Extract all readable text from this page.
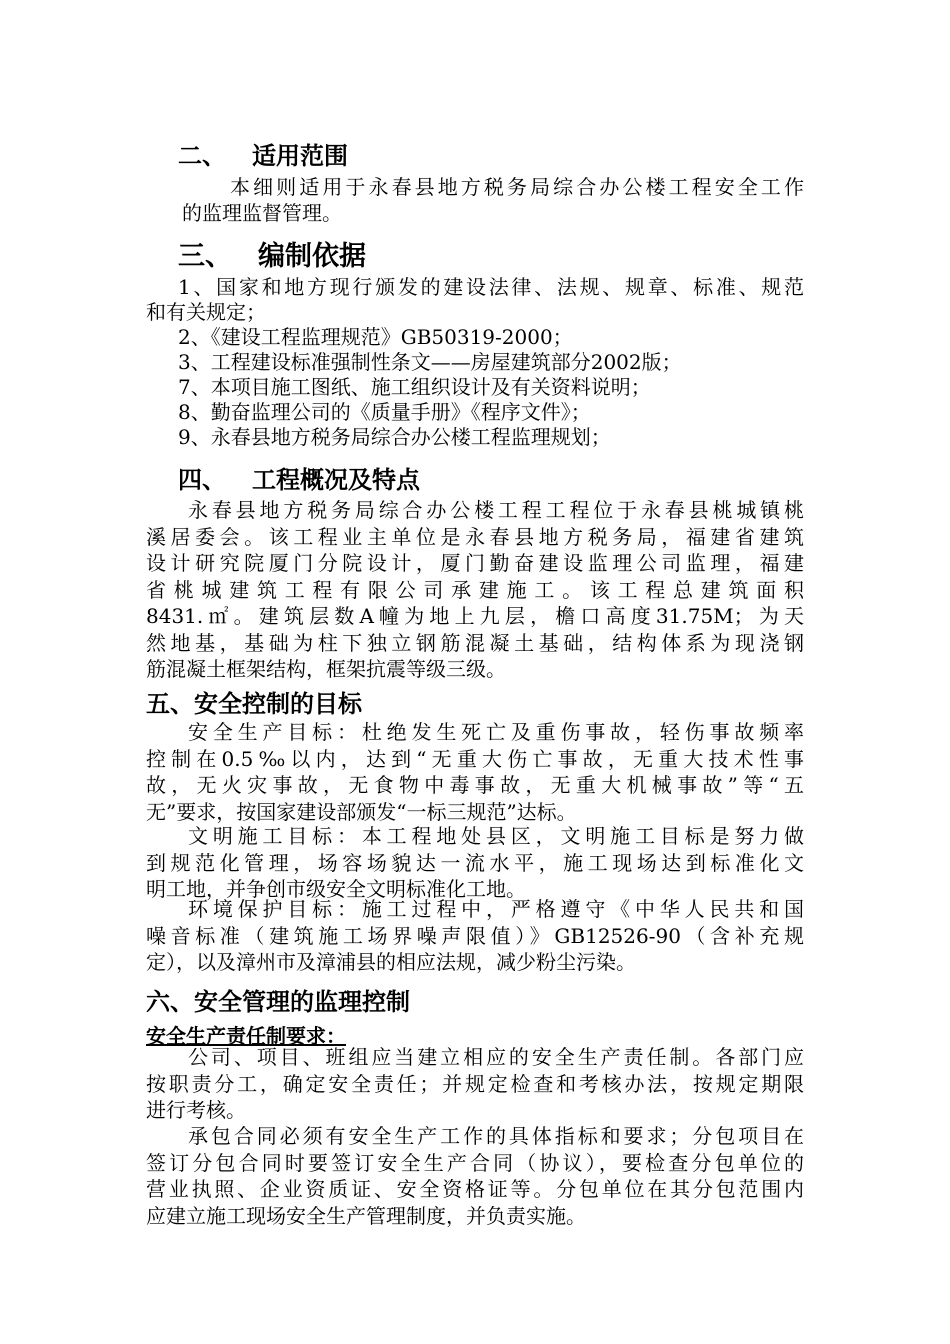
二、 适用范围
本细则适用于永春县地方税务局综合办公楼工程安全工作
的监理监督管理。
三、 编制依据
1、国家和地方现行颁发的建设法律、法规、规章、标准、规范
和有关规定；
2、《建设工程监理规范》GB50319-2000；
3、工程建设标准强制性条文——房屋建筑部分2002版；
7、本项目施工图纸、施工组织设计及有关资料说明；
8、勤奋监理公司的《质量手册》《程序文件》；
9、永春县地方税务局综合办公楼工程监理规划；
四、 工程概况及特点
永春县地方税务局综合办公楼工程工程位于永春县桃城镇桃
溪居委会。该工程业主单位是永春县地方税务局，福建省建筑
设计研究院厦门分院设计，厦门勤奋建设监理公司监理，福建
省桃城建筑工程有限公司承建施工。该工程总建筑面积
8431.㎡。建筑层数A幢为地上九层，檐口高度31.75M；为天
然地基，基础为柱下独立钢筋混凝土基础，结构体系为现浇钢
筋混凝土框架结构，框架抗震等级三级。
五、安全控制的目标
安全生产目标：杜绝发生死亡及重伤事故，轻伤事故频率
控制在0.5‰以内，达到“无重大伤亡事故，无重大技术性事
故，无火灾事故，无食物中毒事故，无重大机械事故”等“五
无”要求，按国家建设部颁发“一标三规范”达标。
文明施工目标：本工程地处县区，文明施工目标是努力做
到规范化管理，场容场貌达一流水平，施工现场达到标准化文
明工地，并争创市级安全文明标准化工地。
环境保护目标：施工过程中，严格遵守《中华人民共和国
噪音标准（建筑施工场界噪声限值）》GB12526-90（含补充规
定），以及漳州市及漳浦县的相应法规，减少粉尘污染。
六、安全管理的监理控制
安全生产责任制要求：
公司、项目、班组应当建立相应的安全生产责任制。各部门应
按职责分工，确定安全责任；并规定检查和考核办法，按规定期限
进行考核。
承包合同必须有安全生产工作的具体指标和要求；分包项目在
签订分包合同时要签订安全生产合同（协议），要检查分包单位的
营业执照、企业资质证、安全资格证等。分包单位在其分包范围内
应建立施工现场安全生产管理制度，并负责实施。
